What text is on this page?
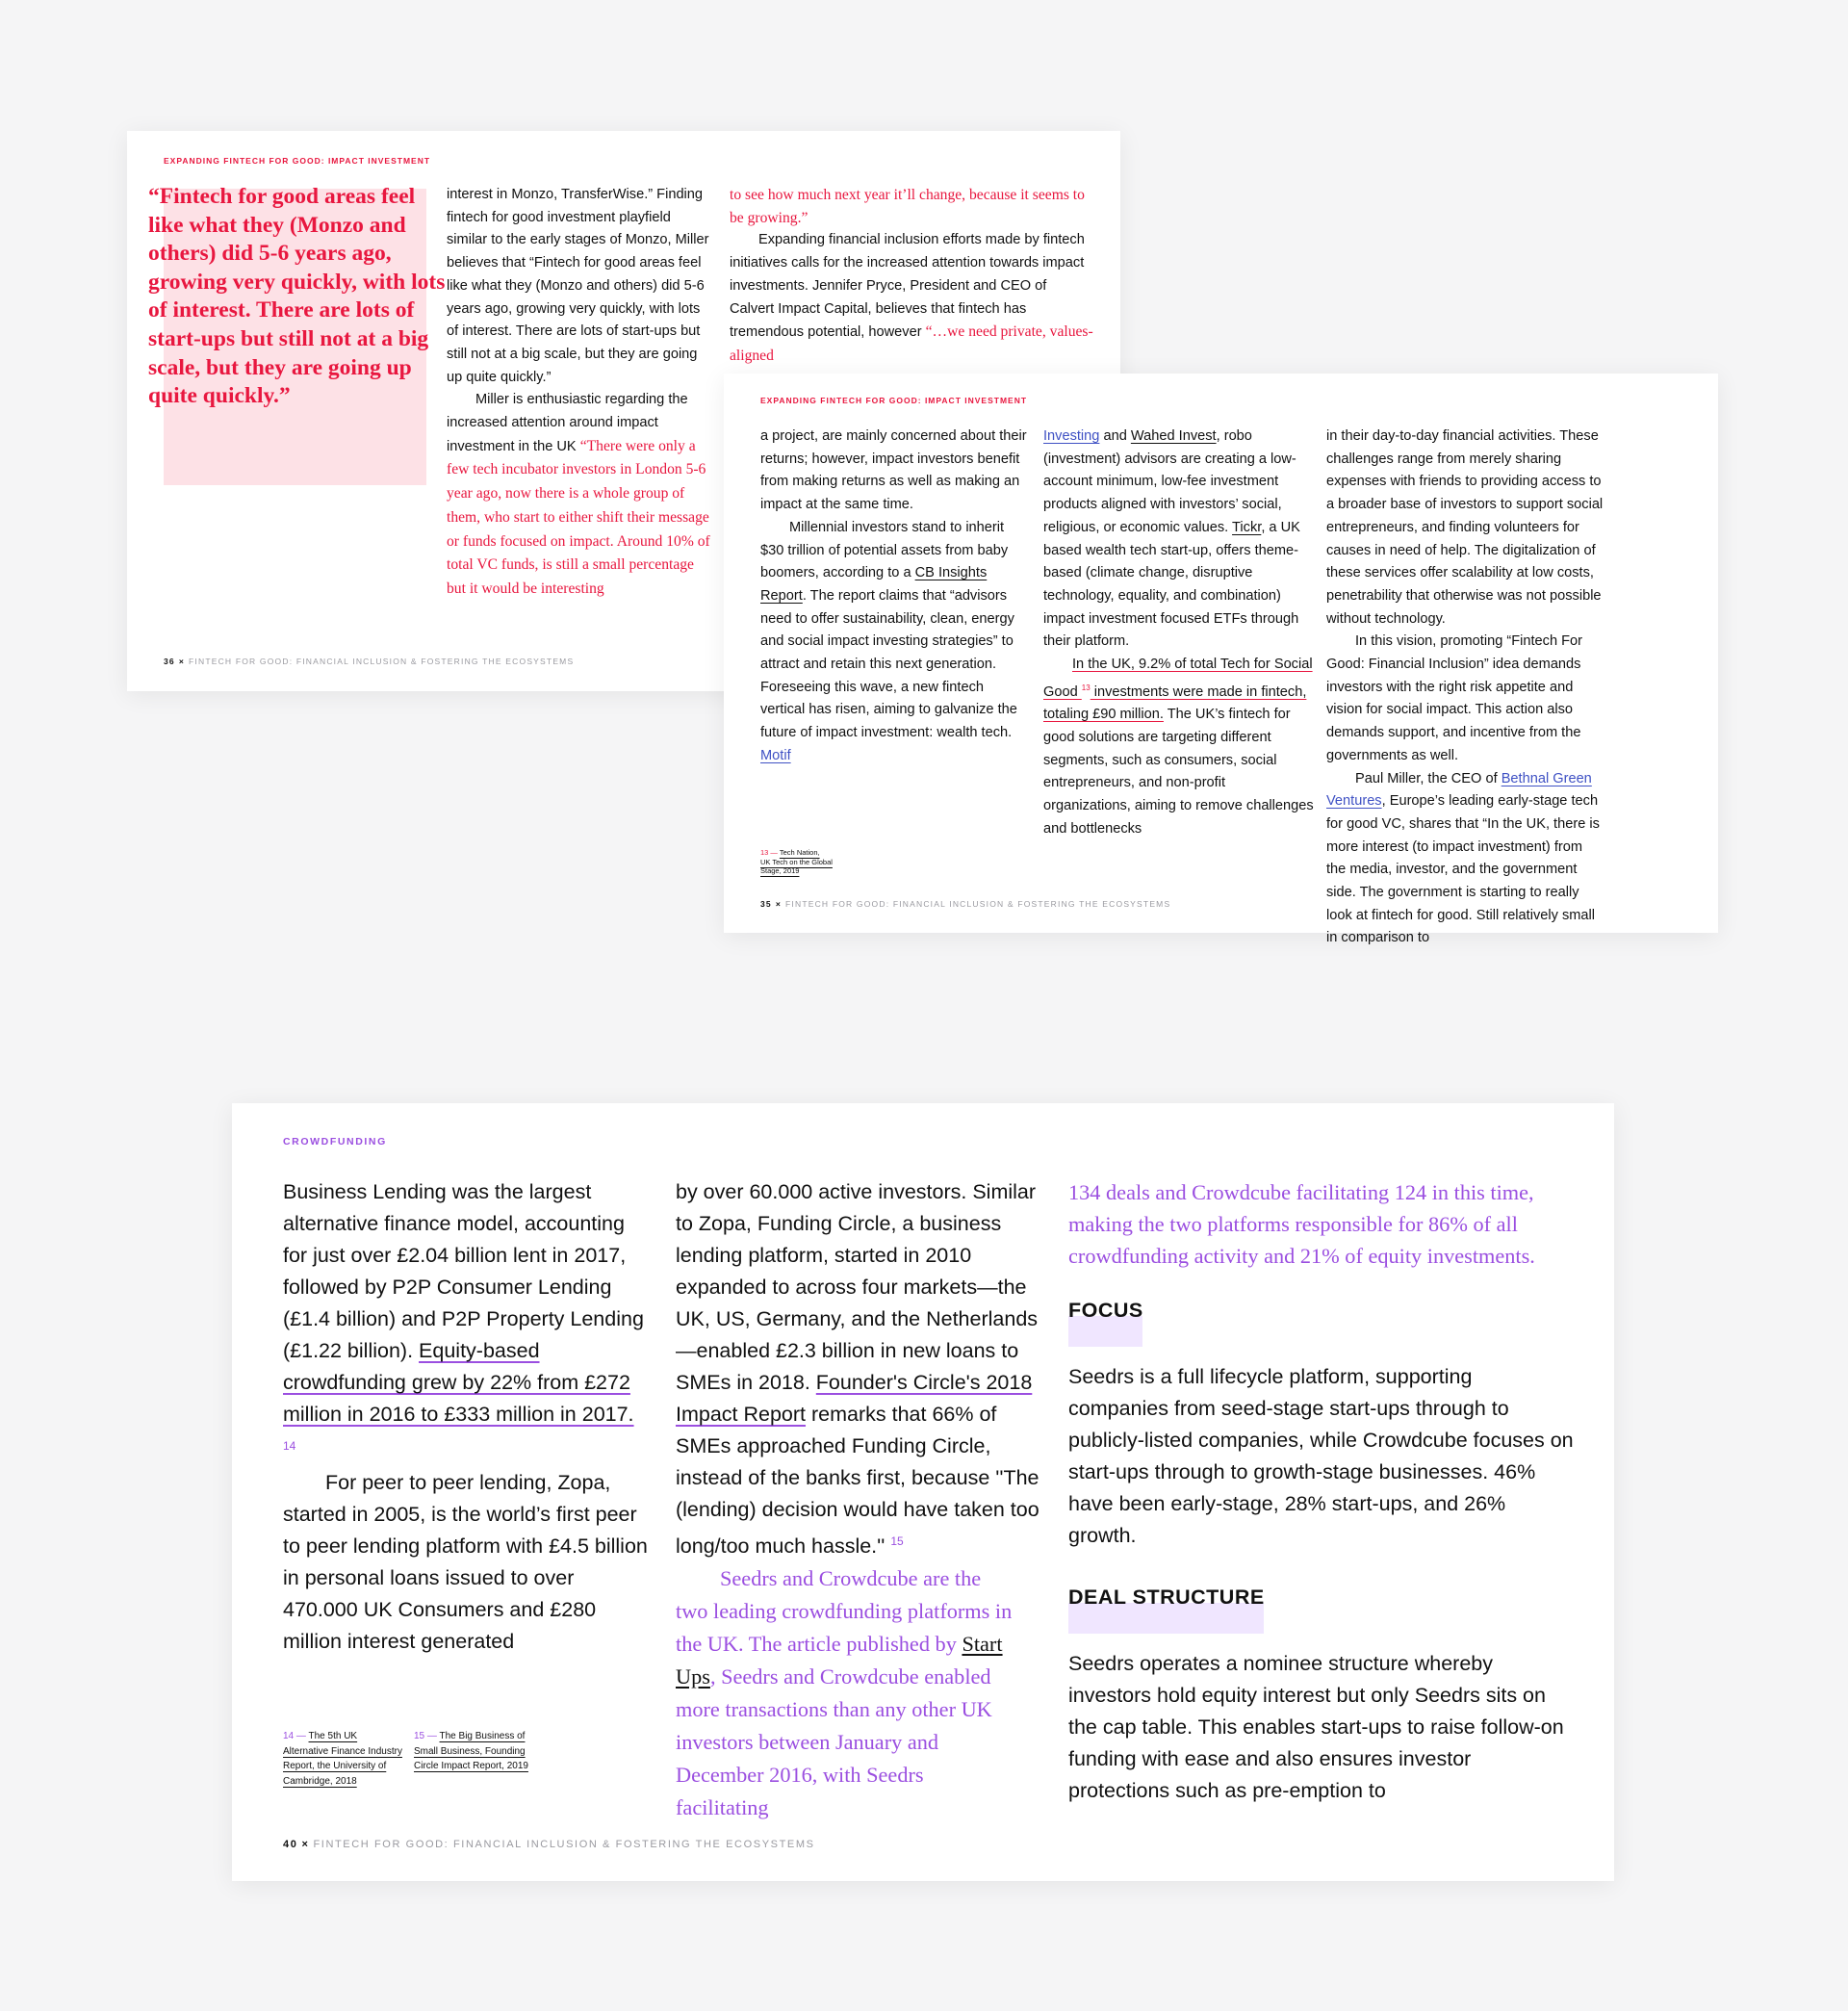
EXPANDING FINTECH FOR GOOD: IMPACT INVESTMENT
“Fintech for good areas feel like what they (Monzo and others) did 5-6 years ago, growing very quickly, with lots of interest. There are lots of start-ups but still not at a big scale, but they are going up quite quickly.”
interest in Monzo, TransferWise.” Finding fintech for good investment playfield similar to the early stages of Monzo, Miller believes that “Fintech for good areas feel like what they (Monzo and others) did 5-6 years ago, growing very quickly, with lots of interest. There are lots of start-ups but still not at a big scale, but they are going up quite quickly.”
Miller is enthusiastic regarding the increased attention around impact investment in the UK “There were only a few tech incubator investors in London 5-6 year ago, now there is a whole group of them, who start to either shift their message or funds focused on impact. Around 10% of total VC funds, is still a small percentage but it would be interesting
to see how much next year it’ll change, because it seems to be growing.”
Expanding financial inclusion efforts made by fintech initiatives calls for the increased attention towards impact investments. Jennifer Pryce, President and CEO of Calvert Impact Capital, believes that fintech has tremendous potential, however “…we need private, values-aligned
36 × FINTECH FOR GOOD: FINANCIAL INCLUSION & FOSTERING THE ECOSYSTEMS
EXPANDING FINTECH FOR GOOD: IMPACT INVESTMENT
a project, are mainly concerned about their returns; however, impact investors benefit from making returns as well as making an impact at the same time.
Millennial investors stand to inherit $30 trillion of potential assets from baby boomers, according to a CB Insights Report. The report claims that “advisors need to offer sustainability, clean, energy and social impact investing strategies” to attract and retain this next generation. Foreseeing this wave, a new fintech vertical has risen, aiming to galvanize the future of impact investment: wealth tech. Motif
13 — Tech Nation,
UK Tech on the Global
Stage, 2019
Investing and Wahed Invest, robo (investment) advisors are creating a low-account minimum, low-fee investment products aligned with investors’ social, religious, or economic values. Tickr, a UK based wealth tech start-up, offers theme-based (climate change, disruptive technology, equality, and combination) impact investment focused ETFs through their platform.
In the UK, 9.2% of total Tech for Social Good $^{13}$ investments were made in fintech, totaling £90 million. The UK’s fintech for good solutions are targeting different segments, such as consumers, social entrepreneurs, and non-profit organizations, aiming to remove challenges and bottlenecks
in their day-to-day financial activities. These challenges range from merely sharing expenses with friends to providing access to a broader base of investors to support social entrepreneurs, and finding volunteers for causes in need of help. The digitalization of these services offer scalability at low costs, penetrability that otherwise was not possible without technology.
In this vision, promoting “Fintech For Good: Financial Inclusion” idea demands investors with the right risk appetite and vision for social impact. This action also demands support, and incentive from the governments as well.
Paul Miller, the CEO of Bethnal Green Ventures, Europe’s leading early-stage tech for good VC, shares that “In the UK, there is more interest (to impact investment) from the media, investor, and the government side. The government is starting to really look at fintech for good. Still relatively small in comparison to
35 × FINTECH FOR GOOD: FINANCIAL INCLUSION & FOSTERING THE ECOSYSTEMS
CROWDFUNDING
Business Lending was the largest alternative finance model, accounting for just over £2.04 billion lent in 2017, followed by P2P Consumer Lending (£1.4 billion) and P2P Property Lending (£1.22 billion). Equity-based crowdfunding grew by 22% from £272 million in 2016 to £333 million in 2017. $^{14}$
For peer to peer lending, Zopa, started in 2005, is the world’s first peer to peer lending platform with £4.5 billion in personal loans issued to over 470.000 UK Consumers and £280 million interest generated
14 — The 5th UK Alternative Finance Industry Report, the University of Cambridge, 2018
15 — The Big Business of Small Business, Founding Circle Impact Report, 2019
by over 60.000 active investors. Similar to Zopa, Funding Circle, a business lending platform, started in 2010 expanded to across four markets—the UK, US, Germany, and the Netherlands—enabled £2.3 billion in new loans to SMEs in 2018. Founder's Circle's 2018 Impact Report remarks that 66% of SMEs approached Funding Circle, instead of the banks first, because ''The (lending) decision would have taken too long/too much hassle.'' $^{15}$
Seedrs and Crowdcube are the two leading crowdfunding platforms in the UK. The article published by Start Ups, Seedrs and Crowdcube enabled more transactions than any other UK investors between January and December 2016, with Seedrs facilitating
134 deals and Crowdcube facilitating 124 in this time, making the two platforms responsible for 86% of all crowdfunding activity and 21% of equity investments.
FOCUS
Seedrs is a full lifecycle platform, supporting companies from seed-stage start-ups through to publicly-listed companies, while Crowdcube focuses on start-ups through to growth-stage businesses. 46% have been early-stage, 28% start-ups, and 26% growth.
DEAL STRUCTURE
Seedrs operates a nominee structure whereby investors hold equity interest but only Seedrs sits on the cap table. This enables start-ups to raise follow-on funding with ease and also ensures investor protections such as pre-emption to
40 × FINTECH FOR GOOD: FINANCIAL INCLUSION & FOSTERING THE ECOSYSTEMS
